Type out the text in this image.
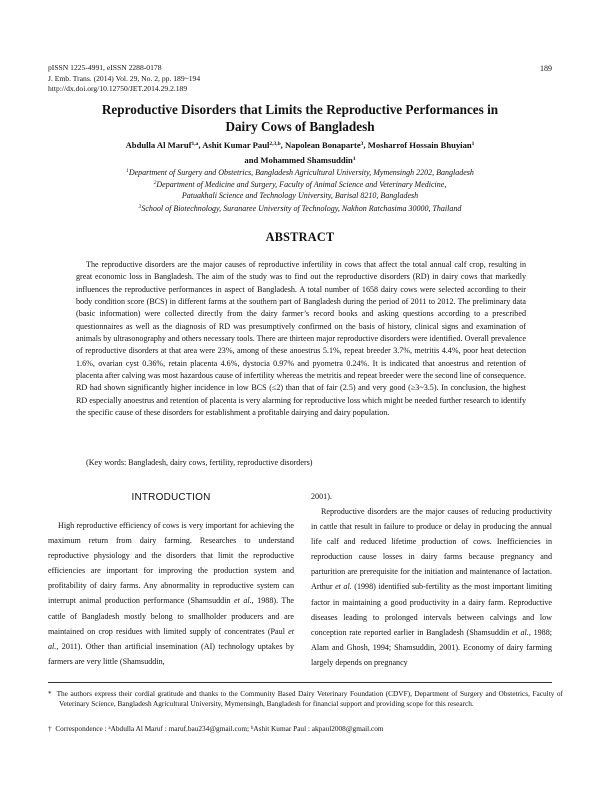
pISSN 1225-4991, eISSN 2288-0178
J. Emb. Trans. (2014) Vol. 29, No. 2, pp. 189~194
http://dx.doi.org/10.12750/JET.2014.29.2.189
189
Reproductive Disorders that Limits the Reproductive Performances in
Dairy Cows of Bangladesh
Abdulla Al Maruf$^{1,a}$, Ashit Kumar Paul$^{2,3,b}$, Napolean Bonaparte$^3$, Mosharrof Hossain Bhuyian$^1$
and Mohammed Shamsuddin$^1$
$^1$Department of Surgery and Obstetrics, Bangladesh Agricultural University, Mymensingh 2202, Bangladesh
$^2$Department of Medicine and Surgery, Faculty of Animal Science and Veterinary Medicine,
Patuakhali Science and Technology University, Barisal 8210, Bangladesh
$^3$School of Biotechnology, Suranaree University of Technology, Nakhon Ratchasima 30000, Thailand
ABSTRACT
The reproductive disorders are the major causes of reproductive infertility in cows that affect the total annual calf crop, resulting in great economic loss in Bangladesh. The aim of the study was to find out the reproductive disorders (RD) in dairy cows that markedly influences the reproductive performances in aspect of Bangladesh. A total number of 1658 dairy cows were selected according to their body condition score (BCS) in different farms at the southern part of Bangladesh during the period of 2011 to 2012. The preliminary data (basic information) were collected directly from the dairy farmer’s record books and asking questions according to a prescribed questionnaires as well as the diagnosis of RD was presumptively confirmed on the basis of history, clinical signs and examination of animals by ultrasonography and others necessary tools. There are thirteen major reproductive disorders were identified. Overall prevalence of reproductive disorders at that area were 23%, among of these anoestrus 5.1%, repeat breeder 3.7%, metritis 4.4%, poor heat detection 1.6%, ovarian cyst 0.36%, retain placenta 4.6%, dystocia 0.97% and pyometra 0.24%. It is indicated that anoestrus and retention of placenta after calving was most hazardous cause of infertility whereas the metritis and repeat breeder were the second line of consequence. RD had shown significantly higher incidence in low BCS (≤2) than that of fair (2.5) and very good (≥3~3.5). In conclusion, the highest RD especially anoestrus and retention of placenta is very alarming for reproductive loss which might be needed further research to identify the specific cause of these disorders for establishment a profitable dairying and dairy population.
(Key words: Bangladesh, dairy cows, fertility, reproductive disorders)
INTRODUCTION
High reproductive efficiency of cows is very important for achieving the maximum return from dairy farming. Researches to understand reproductive physiology and the disorders that limit the reproductive efficiencies are important for improving the production system and profitability of dairy farms. Any abnormality in reproductive system can interrupt animal production performance (Shamsuddin et al., 1988). The cattle of Bangladesh mostly belong to smallholder producers and are maintained on crop residues with limited supply of concentrates (Paul et al., 2011). Other than artificial insemination (AI) technology uptakes by farmers are very little (Shamsuddin,
2001).
Reproductive disorders are the major causes of reducing productivity in cattle that result in failure to produce or delay in producing the annual life calf and reduced lifetime production of cows. Inefficiencies in reproduction cause losses in dairy farms because pregnancy and parturition are prerequisite for the initiation and maintenance of lactation. Arthur et al. (1998) identified sub-fertility as the most important limiting factor in maintaining a good productivity in a dairy farm. Reproductive diseases leading to prolonged intervals between calvings and low conception rate reported earlier in Bangladesh (Shamsuddin et al., 1988; Alam and Ghosh, 1994; Shamsuddin, 2001). Economy of dairy farming largely depends on pregnancy
* The authors express their cordial gratitude and thanks to the Community Based Dairy Veterinary Foundation (CDVF), Department of Surgery and Obstetrics, Faculty of Veterinary Science, Bangladesh Agricultural University, Mymensingh, Bangladesh for financial support and providing scope for this research.
† Correspondence : $^a$Abdulla Al Maruf : maruf.bau234@gmail.com; $^b$Ashit Kumar Paul : akpaul2008@gmail.com
